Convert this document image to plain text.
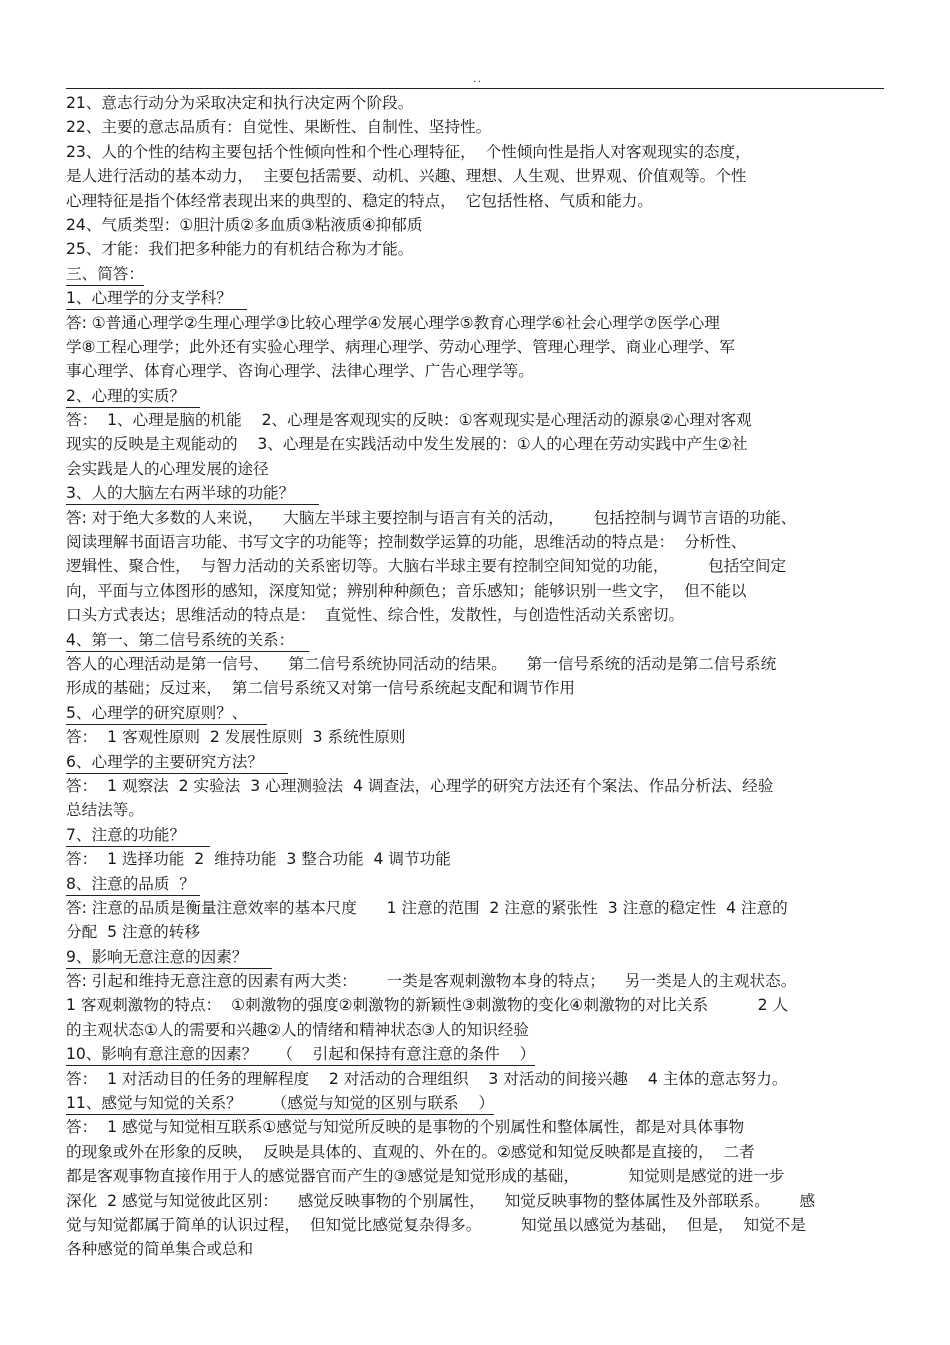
..
21、意志行动分为采取决定和执行决定两个阶段。
22、主要的意志品质有：自觉性、果断性、自制性、坚持性。
23、人的个性的结构主要包括个性倾向性和个性心理特征，  个性倾向性是指人对客观现实的态度，
是人进行活动的基本动力，  主要包括需要、动机、兴趣、理想、人生观、世界观、价值观等。个性
心理特征是指个体经常表现出来的典型的、稳定的特点，  它包括性格、气质和能力。
24、气质类型：①胆汁质②多血质③粘液质④抑郁质
25、才能：我们把多种能力的有机结合称为才能。
三、简答：
1、心理学的分支学科？
答: ①普通心理学②生理心理学③比较心理学④发展心理学⑤教育心理学⑥社会心理学⑦医学心理
学⑧工程心理学；此外还有实验心理学、病理心理学、劳动心理学、管理心理学、商业心理学、军
事心理学、体育心理学、咨询心理学、法律心理学、广告心理学等。
2、心理的实质？
答：  1、心理是脑的机能    2、心理是客观现实的反映：①客观现实是心理活动的源泉②心理对客观
现实的反映是主观能动的    3、心理是在实践活动中发生发展的：①人的心理在劳动实践中产生②社
会实践是人的心理发展的途径
3、人的大脑左右两半球的功能？
答: 对于绝大多数的人来说，    大脑左半球主要控制与语言有关的活动，      包括控制与调节言语的功能、
阅读理解书面语言功能、书写文字的功能等；控制数学运算的功能，思维活动的特点是：  分析性、
逻辑性、聚合性，  与智力活动的关系密切等。大脑右半球主要有控制空间知觉的功能，        包括空间定
向，平面与立体图形的感知，深度知觉；辨别种种颜色；音乐感知；能够识别一些文字，  但不能以
口头方式表达；思维活动的特点是：  直觉性、综合性，发散性，与创造性活动关系密切。
4、第一、第二信号系统的关系：
答人的心理活动是第一信号、    第二信号系统协同活动的结果。    第一信号系统的活动是第二信号系统
形成的基础；反过来，  第二信号系统又对第一信号系统起支配和调节作用
5、心理学的研究原则？、
答：  1 客观性原则  2 发展性原则  3 系统性原则
6、心理学的主要研究方法？
答：  1 观察法  2 实验法  3 心理测验法  4 调查法，心理学的研究方法还有个案法、作品分析法、经验
总结法等。
7、注意的功能？
答：  1 选择功能  2  维持功能  3 整合功能  4 调节功能
8、注意的品质  ？
答: 注意的品质是衡量注意效率的基本尺度      1 注意的范围  2 注意的紧张性  3 注意的稳定性  4 注意的
分配  5 注意的转移
9、影响无意注意的因素？
答: 引起和维持无意注意的因素有两大类：      一类是客观刺激物本身的特点；    另一类是人的主观状态。
1 客观刺激物的特点：  ①刺激物的强度②刺激物的新颖性③刺激物的变化④刺激物的对比关系          2 人
的主观状态①人的需要和兴趣②人的情绪和精神状态③人的知识经验
10、影响有意注意的因素？    （    引起和保持有意注意的条件    ）
答：  1 对活动目的任务的理解程度    2 对活动的合理组织    3 对活动的间接兴趣    4 主体的意志努力。
11、感觉与知觉的关系？      （感觉与知觉的区别与联系    ）
答：  1 感觉与知觉相互联系①感觉与知觉所反映的是事物的个别属性和整体属性，都是对具体事物
的现象或外在形象的反映，  反映是具体的、直观的、外在的。②感觉和知觉反映都是直接的，  二者
都是客观事物直接作用于人的感觉器官而产生的③感觉是知觉形成的基础，          知觉则是感觉的进一步
深化  2 感觉与知觉彼此区别：    感觉反映事物的个别属性，    知觉反映事物的整体属性及外部联系。      感
觉与知觉都属于简单的认识过程，  但知觉比感觉复杂得多。        知觉虽以感觉为基础，  但是，  知觉不是
各种感觉的简单集合或总和
